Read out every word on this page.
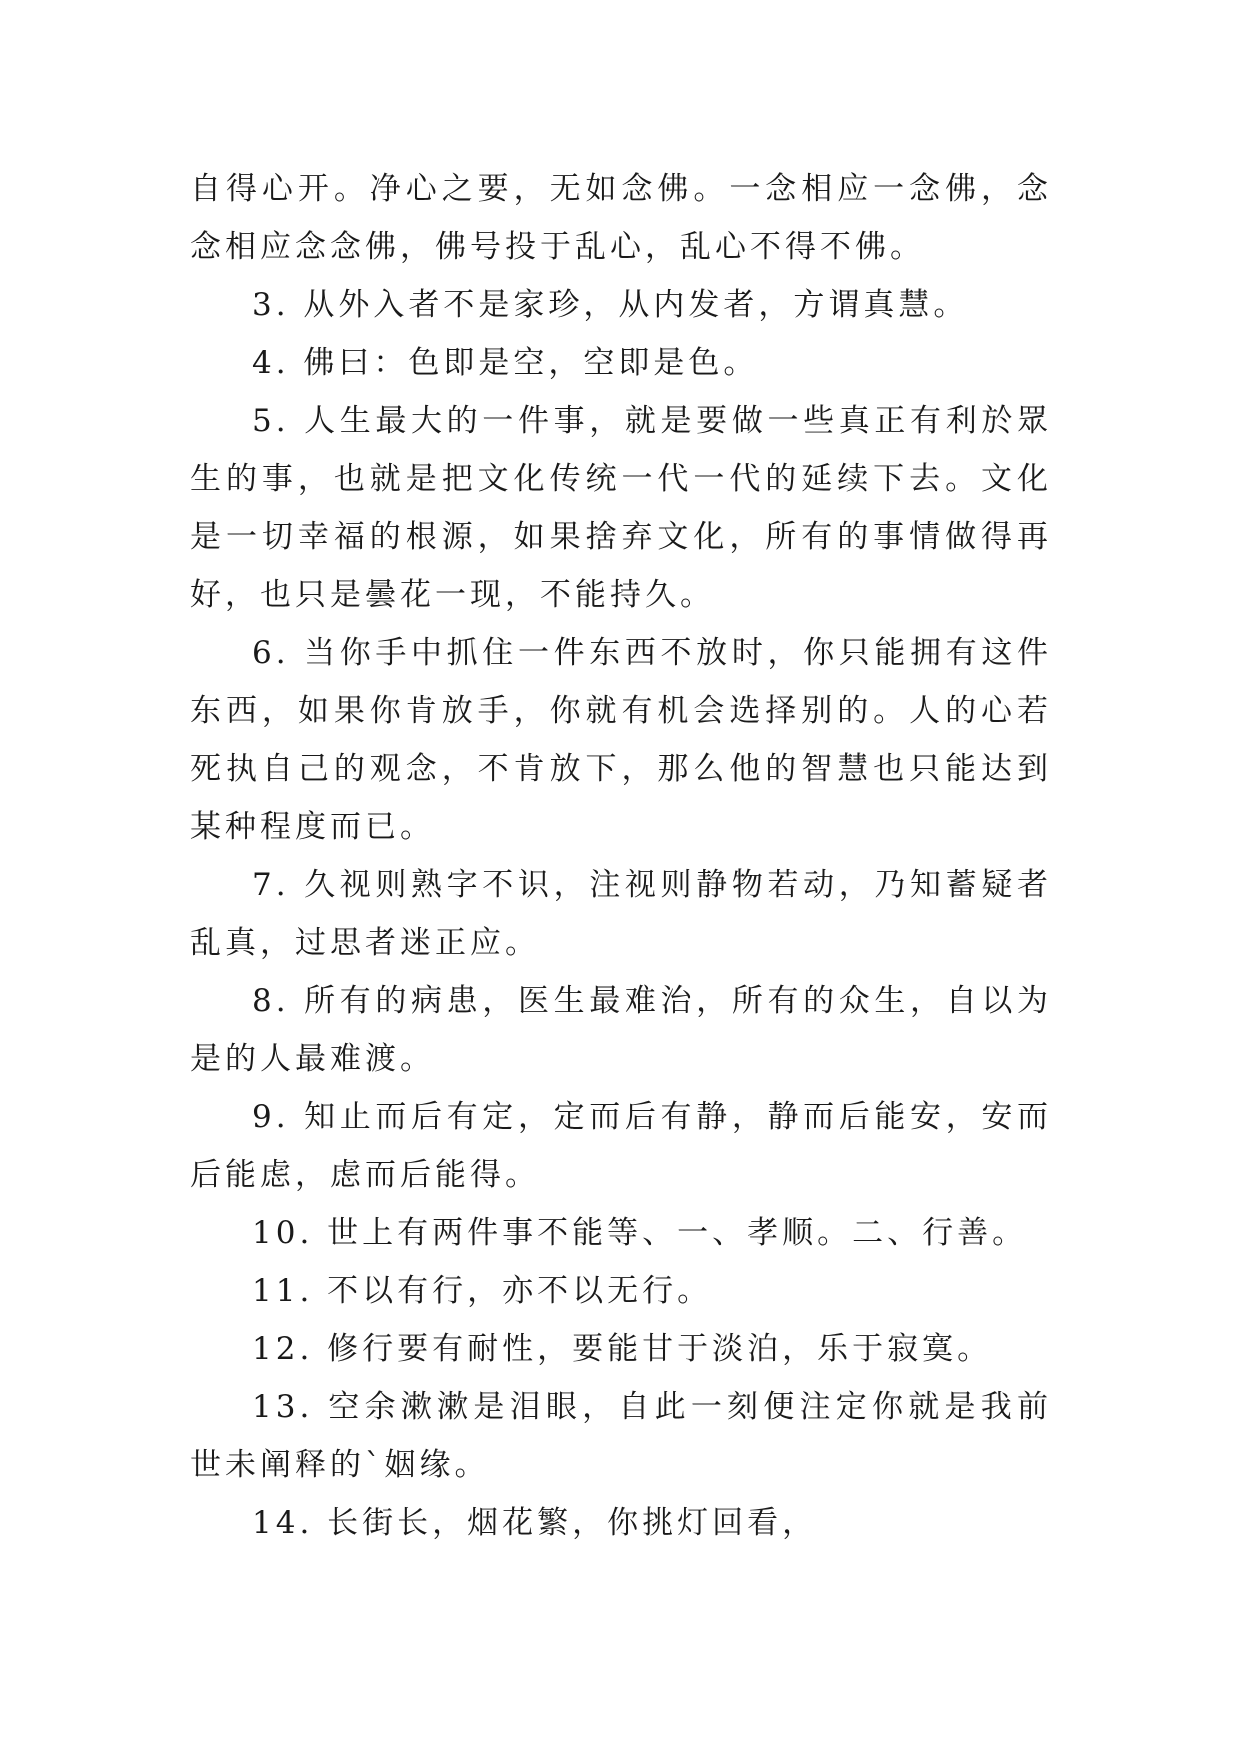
自得心开。净心之要，无如念佛。一念相应一念佛，念念相应念念佛，佛号投于乱心，乱心不得不佛。

3. 从外入者不是家珍，从内发者，方谓真慧。

4. 佛曰：色即是空，空即是色。

5. 人生最大的一件事，就是要做一些真正有利於眾生的事，也就是把文化传统一代一代的延续下去。文化是一切幸福的根源，如果捨弃文化，所有的事情做得再好，也只是曇花一现，不能持久。

6. 当你手中抓住一件东西不放时，你只能拥有这件东西，如果你肯放手，你就有机会选择别的。人的心若死执自己的观念，不肯放下，那么他的智慧也只能达到某种程度而已。

7. 久视则熟字不识，注视则静物若动，乃知蓄疑者乱真，过思者迷正应。

8. 所有的病患，医生最难治，所有的众生，自以为是的人最难渡。

9. 知止而后有定，定而后有静，静而后能安，安而后能虑，虑而后能得。

10. 世上有两件事不能等、一、孝顺。二、行善。

11. 不以有行，亦不以无行。

12. 修行要有耐性，要能甘于淡泊，乐于寂寞。

13. 空余漱漱是泪眼，自此一刻便注定你就是我前世未阐释的`姻缘。

14. 长街长，烟花繁，你挑灯回看，
